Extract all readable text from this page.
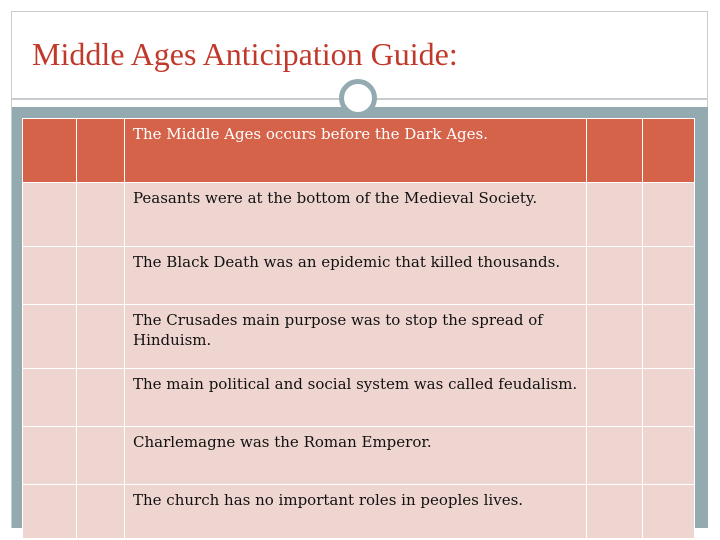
Middle Ages Anticipation Guide:
		The Middle Ages occurs before the Dark Ages.		
		Peasants were at the bottom of the Medieval Society.		
		The Black Death was an epidemic that killed thousands.		
		The Crusades main purpose was to stop the spread of Hinduism.		
		The main political and social system was called feudalism.		
		Charlemagne was the Roman Emperor.		
		The church has no important roles in peoples lives.		
